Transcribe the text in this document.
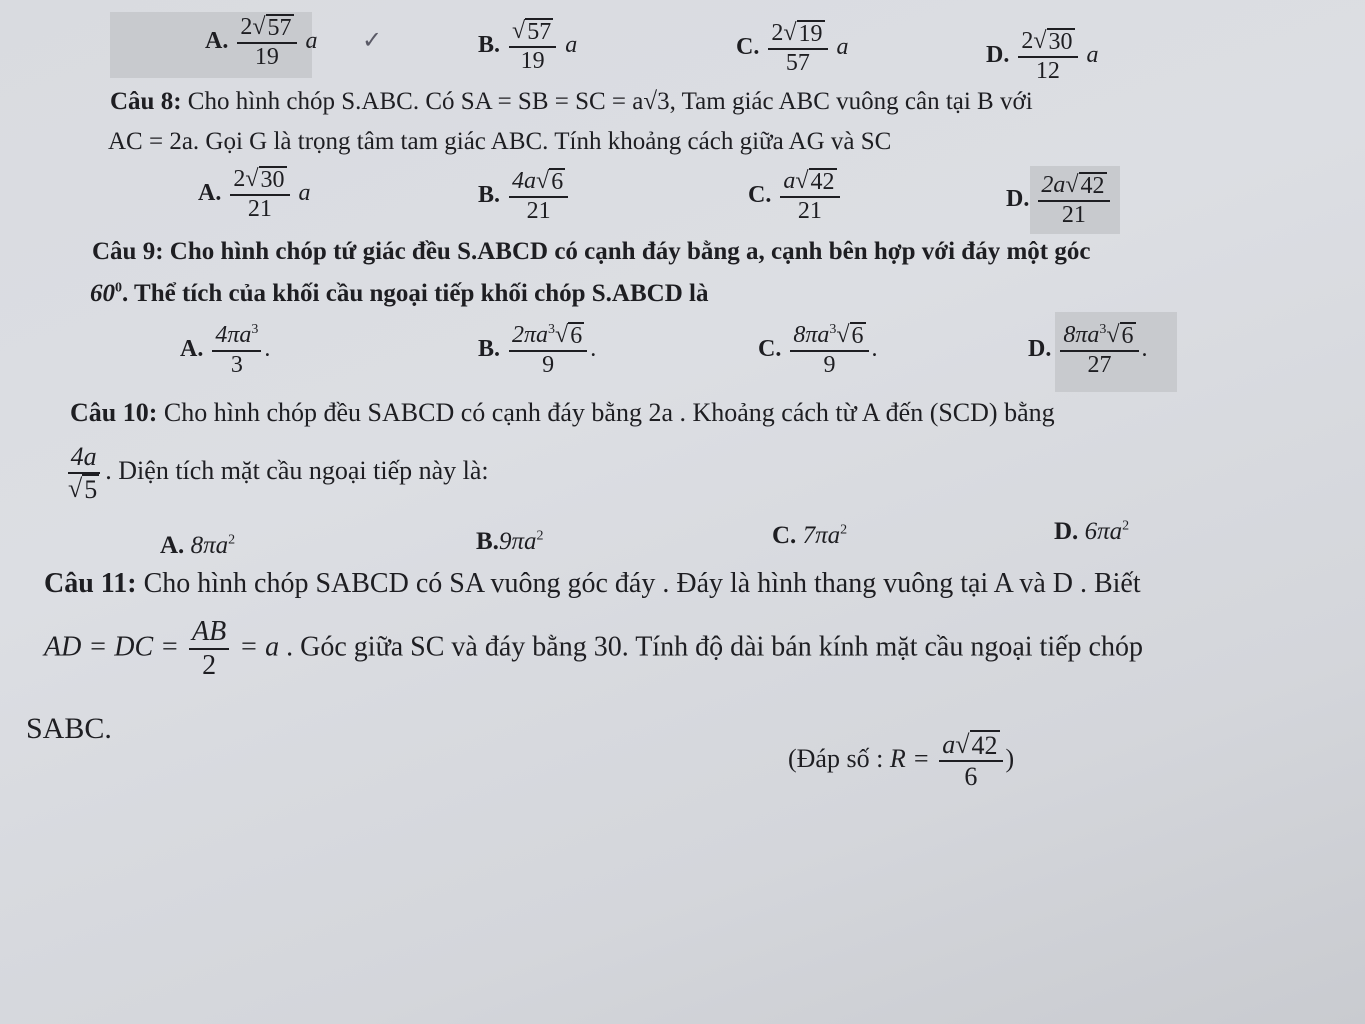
A. $\frac{2 √ 57}{19}$ a ✓	B. $\frac{√ 57}{19}$ a	C. $\frac{2 √ 19}{57}$ a	D. $\frac{2 √ 30}{12}$ a
Câu 8: Cho hình chóp S.ABC. Có SA = SB = SC = a√3, Tam giác ABC vuông cân tại B với
AC = 2a. Gọi G là trọng tâm tam giác ABC. Tính khoảng cách giữa AG và SC
A. $\frac{2 √ 30}{21}$ a	B. $\frac{4a √ 6}{21}$	C. $\frac{a √ 42}{21}$	D. $\frac{2a √ 42}{21}$
Câu 9: Cho hình chóp tứ giác đều S.ABCD có cạnh đáy bằng a, cạnh bên hợp với đáy một góc
$60^0$. Thể tích của khối cầu ngoại tiếp khối chóp S.ABCD là
A. $\frac{4\pi a^3}{3}$ .	B. $\frac{2\pi a^3 √ 6}{9}$ .	C. $\frac{8\pi a^3 √ 6}{9}$ .	D. $\frac{8\pi a^3 √ 6}{27}$ .
Câu 10: Cho hình chóp đều SABCD có cạnh đáy bằng 2a . Khoảng cách từ A đến (SCD) bằng
$\frac{4a}{√ 5}$ . Diện tích mặt cầu ngoại tiếp này là:
A. $8\pi a^2$	$B.9\pi a^2$	C. $7\pi a^2$	D. $6\pi a^2$
Câu 11: Cho hình chóp SABCD có SA vuông góc đáy . Đáy là hình thang vuông tại A và D . Biết
AD = DC = $\frac{AB}{2} = a$ . Góc giữa SC và đáy bằng 30. Tính độ dài bán kính mặt cầu ngoại tiếp chóp
SABC.
(Đáp số : $R = \frac{a √ 42}{6}$ )
